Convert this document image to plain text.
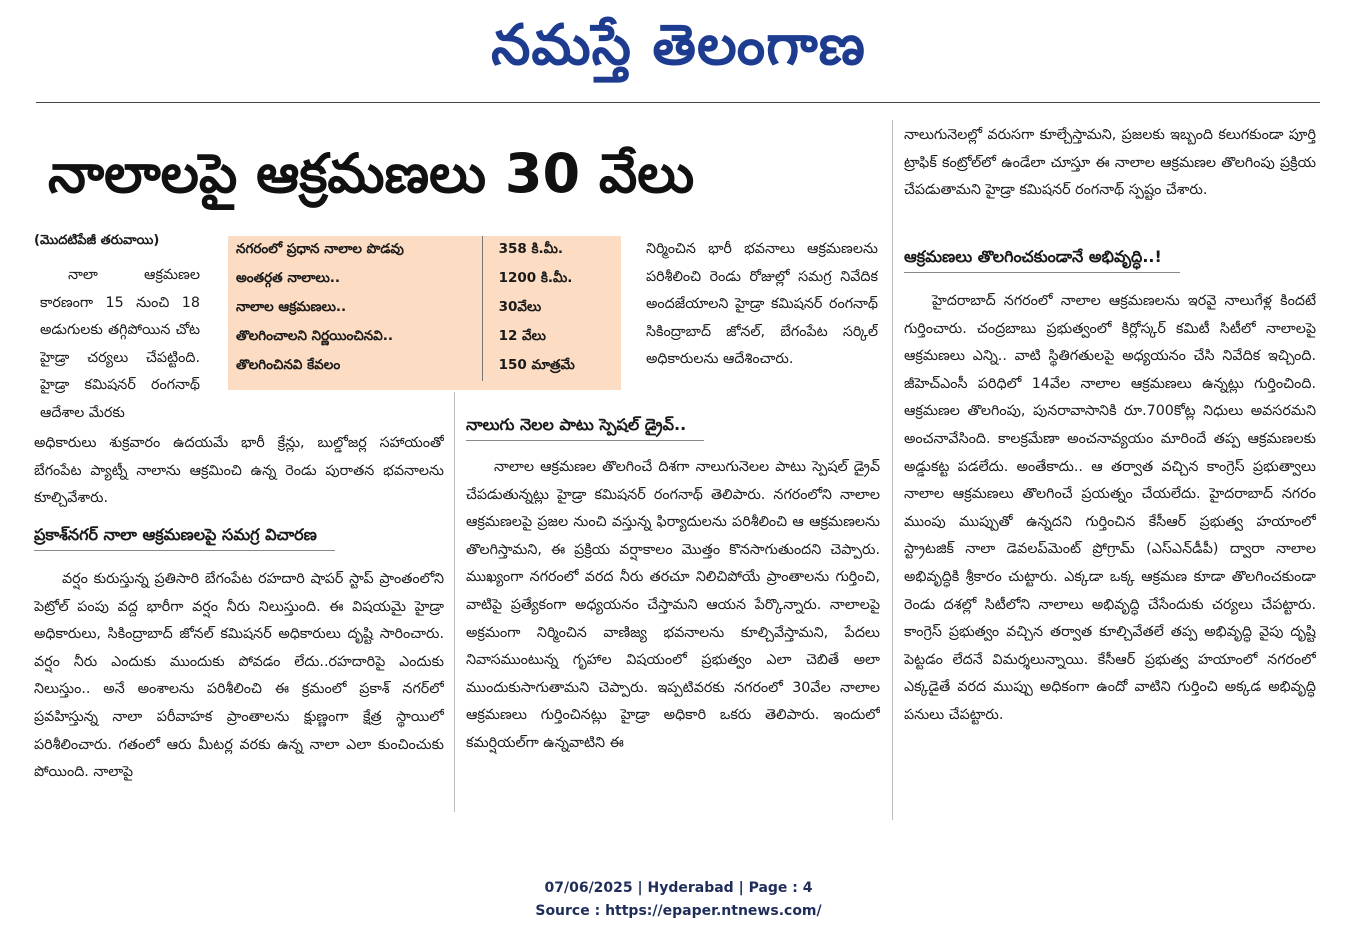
నమస్తే తెలంగాణ
నాలాలపై ఆక్రమణలు 30 వేలు
(మొదటిపేజీ తరువాయి)

నాలా ఆక్రమణల కారణంగా 15 నుంచి 18 అడుగులకు తగ్గిపోయిన చోట హైడ్రా చర్యలు చేపట్టింది. హైడ్రా కమిషనర్ రంగనాథ్ ఆదేశాల మేరకు

నగరంలో ప్రధాన నాలాల పొడవు	358 కి.మీ.
అంతర్గత నాలాలు..	1200 కి.మీ.
నాలాల ఆక్రమణలు..	30వేలు
తొలగించాలని నిర్ణయించినవి..	12 వేలు
తొలగించినవి కేవలం	150 మాత్రమే

అధికారులు శుక్రవారం ఉదయమే భారీ క్రేన్లు, బుల్డోజర్ల సహాయంతో బేగంపేట ప్యాట్నీ నాలాను ఆక్రమించి ఉన్న రెండు పురాతన భవనాలను కూల్చివేశారు.

ప్రకాశ్‌నగర్ నాలా ఆక్రమణలపై సమగ్ర విచారణ

వర్షం కురుస్తున్న ప్రతిసారి బేగంపేట రహదారి షాపర్ స్టాప్ ప్రాంతంలోని పెట్రోల్ పంపు వద్ద భారీగా వర్షం నీరు నిలుస్తుంది. ఈ విషయమై హైడ్రా అధికారులు, సికింద్రాబాద్ జోనల్ కమిషనర్ అధికారులు దృష్టి సారించారు. వర్షం నీరు ఎందుకు ముందుకు పోవడం లేదు..రహదారిపై ఎందుకు నిలుస్తుం.. అనే అంశాలను పరిశీలించి ఈ క్రమంలో ప్రకాశ్ నగర్‌లో ప్రవహిస్తున్న నాలా పరీవాహక ప్రాంతాలను క్షుణ్ణంగా క్షేత్ర స్థాయిలో పరిశీలించారు. గతంలో ఆరు మీటర్ల వరకు ఉన్న నాలా ఎలా కుంచించుకు పోయింది. నాలాపై

నిర్మించిన భారీ భవనాలు ఆక్రమణలను పరిశీలించి రెండు రోజుల్లో సమగ్ర నివేదిక అందజేయాలని హైడ్రా కమిషనర్ రంగనాథ్ సికింద్రాబాద్ జోనల్, బేగంపేట సర్కిల్ అధికారులను ఆదేశించారు.

నాలుగు నెలల పాటు స్పెషల్ డ్రైవ్..

నాలాల ఆక్రమణల తొలగించే దిశగా నాలుగునెలల పాటు స్పెషల్ డ్రైవ్ చేపడుతున్నట్లు హైడ్రా కమిషనర్ రంగనాథ్ తెలిపారు. నగరంలోని నాలాల ఆక్రమణలపై ప్రజల నుంచి వస్తున్న ఫిర్యాదులను పరిశీలించి ఆ ఆక్రమణలను తొలగిస్తామని, ఈ ప్రక్రియ వర్షాకాలం మొత్తం కొనసాగుతుందని చెప్పారు. ముఖ్యంగా నగరంలో వరద నీరు తరచూ నిలిచిపోయే ప్రాంతాలను గుర్తించి, వాటిపై ప్రత్యేకంగా అధ్యయనం చేస్తామని ఆయన పేర్కొన్నారు. నాలాలపై అక్రమంగా నిర్మించిన వాణిజ్య భవనాలను కూల్చివేస్తామని, పేదలు నివాసముంటున్న గృహాల విషయంలో ప్రభుత్వం ఎలా చెబితే అలా ముందుకుసాగుతామని చెప్పారు. ఇప్పటివరకు నగరంలో 30వేల నాలాల ఆక్రమణలు గుర్తించినట్లు హైడ్రా అధికారి ఒకరు తెలిపారు. ఇందులో కమర్షియల్‌గా ఉన్నవాటిని ఈ

నాలుగునెలల్లో వరుసగా కూల్చేస్తామని, ప్రజలకు ఇబ్బంది కలుగకుండా పూర్తి ట్రాఫిక్ కంట్రోల్‌లో ఉండేలా చూస్తూ ఈ నాలాల ఆక్రమణల తొలగింపు ప్రక్రియ చేపడుతామని హైడ్రా కమిషనర్ రంగనాథ్ స్పష్టం చేశారు.

ఆక్రమణలు తొలగించకుండానే అభివృద్ధి..!

హైదరాబాద్ నగరంలో నాలాల ఆక్రమణలను ఇరవై నాలుగేళ్ల కిందటే గుర్తించారు. చంద్రబాబు ప్రభుత్వంలో కిర్లోస్కర్ కమిటీ సిటీలో నాలాలపై ఆక్రమణలు ఎన్ని.. వాటి స్థితిగతులపై అధ్యయనం చేసి నివేదిక ఇచ్చింది. జీహెచ్‌ఎంసీ పరిధిలో 14వేల నాలాల ఆక్రమణలు ఉన్నట్లు గుర్తించింది. ఆక్రమణల తొలగింపు, పునరావాసానికి రూ.700కోట్ల నిధులు అవసరమని అంచనావేసింది. కాలక్రమేణా అంచనావ్యయం మారిందే తప్ప ఆక్రమణలకు అడ్డుకట్ట పడలేదు. అంతేకాదు.. ఆ తర్వాత వచ్చిన కాంగ్రెస్ ప్రభుత్వాలు నాలాల ఆక్రమణలు తొలగించే ప్రయత్నం చేయలేదు. హైదరాబాద్ నగరం ముంపు ముప్పుతో ఉన్నదని గుర్తించిన కేసీఆర్ ప్రభుత్వ హయాంలో స్ట్రాటజిక్ నాలా డెవలప్‌మెంట్ ప్రోగ్రామ్ (ఎస్‌ఎన్‌డీపీ) ద్వారా నాలాల అభివృద్ధికి శ్రీకారం చుట్టారు. ఎక్కడా ఒక్క ఆక్రమణ కూడా తొలగించకుండా రెండు దశల్లో సిటీలోని నాలాలు అభివృద్ధి చేసేందుకు చర్యలు చేపట్టారు. కాంగ్రెస్ ప్రభుత్వం వచ్చిన తర్వాత కూల్చివేతలే తప్ప అభివృద్ధి వైపు దృష్టి పెట్టడం లేదనే విమర్శలున్నాయి. కేసీఆర్ ప్రభుత్వ హయాంలో నగరంలో ఎక్కడైతే వరద ముప్పు అధికంగా ఉందో వాటిని గుర్తించి అక్కడ అభివృద్ధి పనులు చేపట్టారు.

07/06/2025 | Hyderabad | Page : 4
Source : https://epaper.ntnews.com/
